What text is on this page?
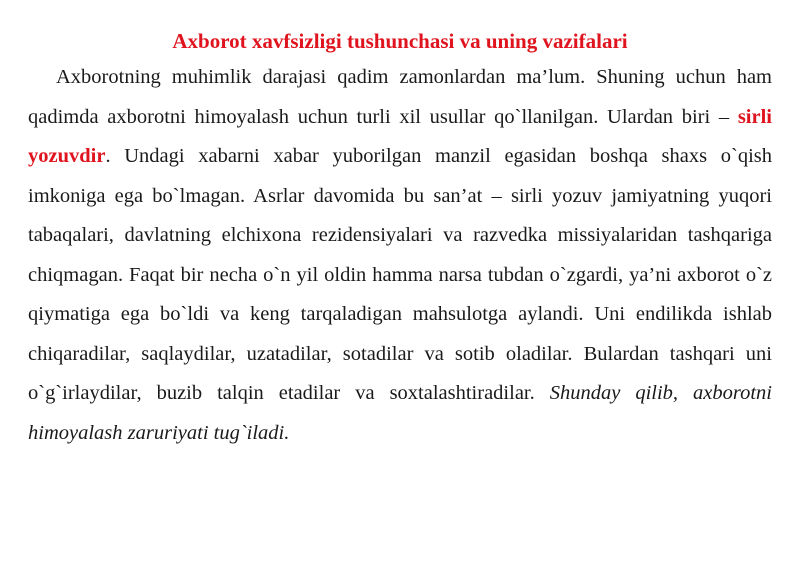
Axborot xavfsizligi tushunchasi va uning vazifalari

Axborotning muhimlik darajasi qadim zamonlardan ma’lum. Shuning uchun ham qadimda axborotni himoyalash uchun turli xil usullar qo`llanilgan. Ulardan biri – sirli yozuvdir. Undagi xabarni xabar yuborilgan manzil egasidan boshqa shaxs o`qish imkoniga ega bo`lmagan. Asrlar davomida bu san’at – sirli yozuv jamiyatning yuqori tabaqalari, davlatning elchixona rezidensiyalari va razvedka missiyalaridan tashqariga chiqmagan. Faqat bir necha o`n yil oldin hamma narsa tubdan o`zgardi, ya’ni axborot o`z qiymatiga ega bo`ldi va keng tarqaladigan mahsulotga aylandi. Uni endilikda ishlab chiqaradilar, saqlaydilar, uzatadilar, sotadilar va sotib oladilar. Bulardan tashqari uni o`g`irlaydilar, buzib talqin etadilar va soxtalashtiradilar. Shunday qilib, axborotni himoyalash zaruriyati tug`iladi.
